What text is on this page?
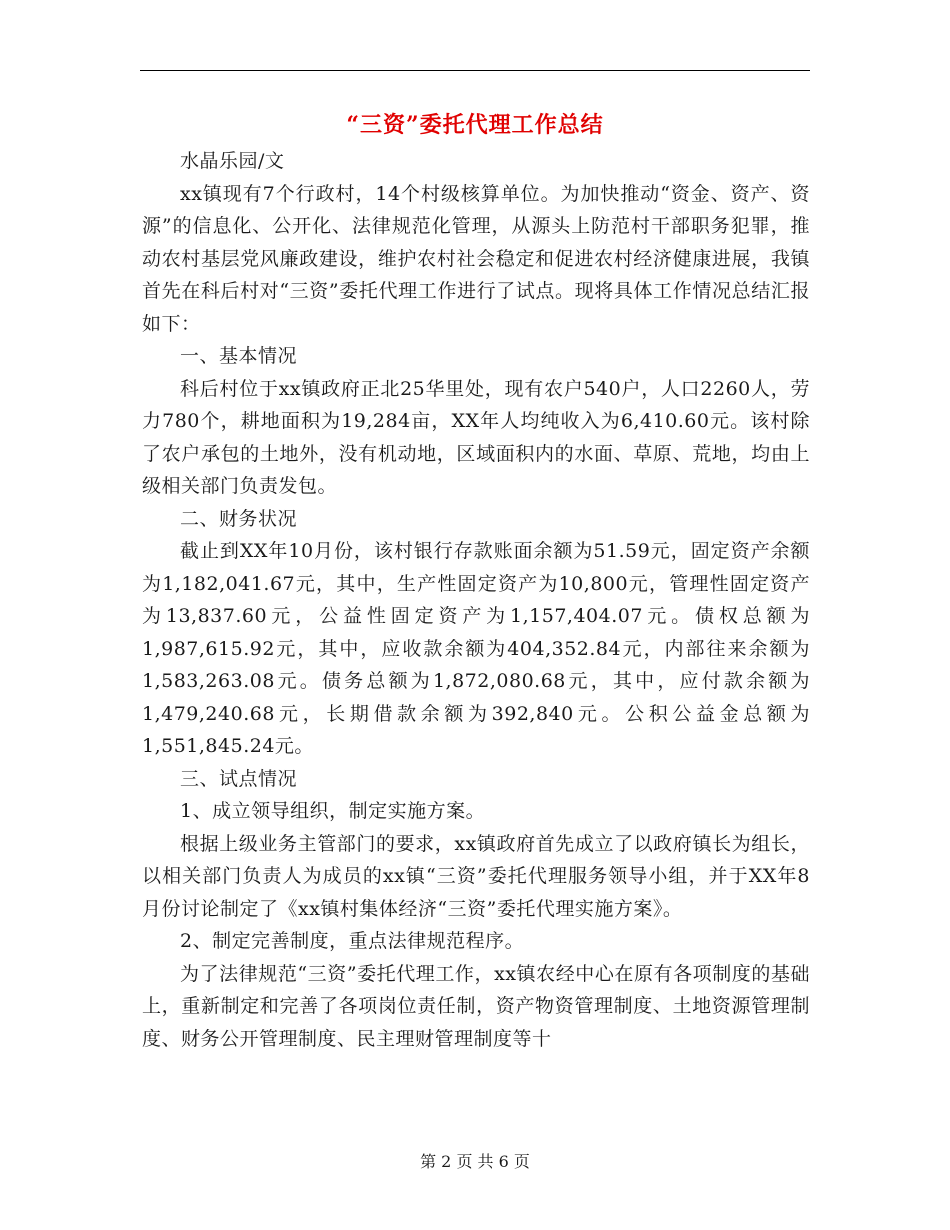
“三资”委托代理工作总结

水晶乐园/文

xx镇现有7个行政村，14个村级核算单位。为加快推动“资金、资产、资源”的信息化、公开化、法律规范化管理，从源头上防范村干部职务犯罪，推动农村基层党风廉政建设，维护农村社会稳定和促进农村经济健康进展，我镇首先在科后村对“三资”委托代理工作进行了试点。现将具体工作情况总结汇报如下：

一、基本情况

科后村位于xx镇政府正北25华里处，现有农户540户，人口2260人，劳力780个，耕地面积为19,284亩，XX年人均纯收入为6,410.60元。该村除了农户承包的土地外，没有机动地，区域面积内的水面、草原、荒地，均由上级相关部门负责发包。

二、财务状况

截止到XX年10月份，该村银行存款账面余额为51.59元，固定资产余额为1,182,041.67元，其中，生产性固定资产为10,800元，管理性固定资产为13,837.60元，公益性固定资产为1,157,404.07元。债权总额为1,987,615.92元，其中，应收款余额为404,352.84元，内部往来余额为1,583,263.08元。债务总额为1,872,080.68元，其中，应付款余额为1,479,240.68元，长期借款余额为392,840元。公积公益金总额为1,551,845.24元。

三、试点情况

1、成立领导组织，制定实施方案。

根据上级业务主管部门的要求，xx镇政府首先成立了以政府镇长为组长，以相关部门负责人为成员的xx镇“三资”委托代理服务领导小组，并于XX年8月份讨论制定了《xx镇村集体经济“三资”委托代理实施方案》。

2、制定完善制度，重点法律规范程序。

为了法律规范“三资”委托代理工作，xx镇农经中心在原有各项制度的基础上，重新制定和完善了各项岗位责任制，资产物资管理制度、土地资源管理制度、财务公开管理制度、民主理财管理制度等十

第 2 页 共 6 页
